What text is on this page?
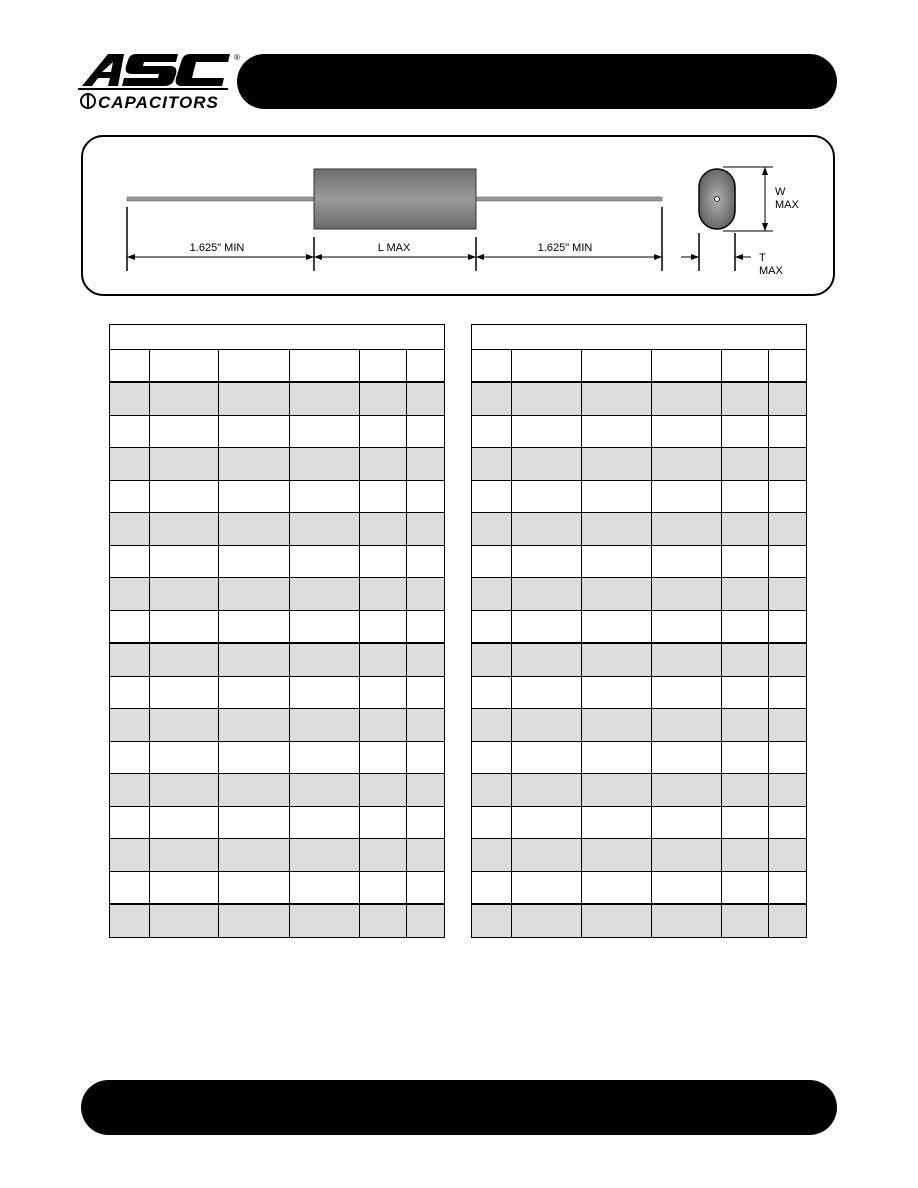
®
CAPACITORS
1.625" MIN	L MAX	1.625" MIN
W
MAX
T
MAX
